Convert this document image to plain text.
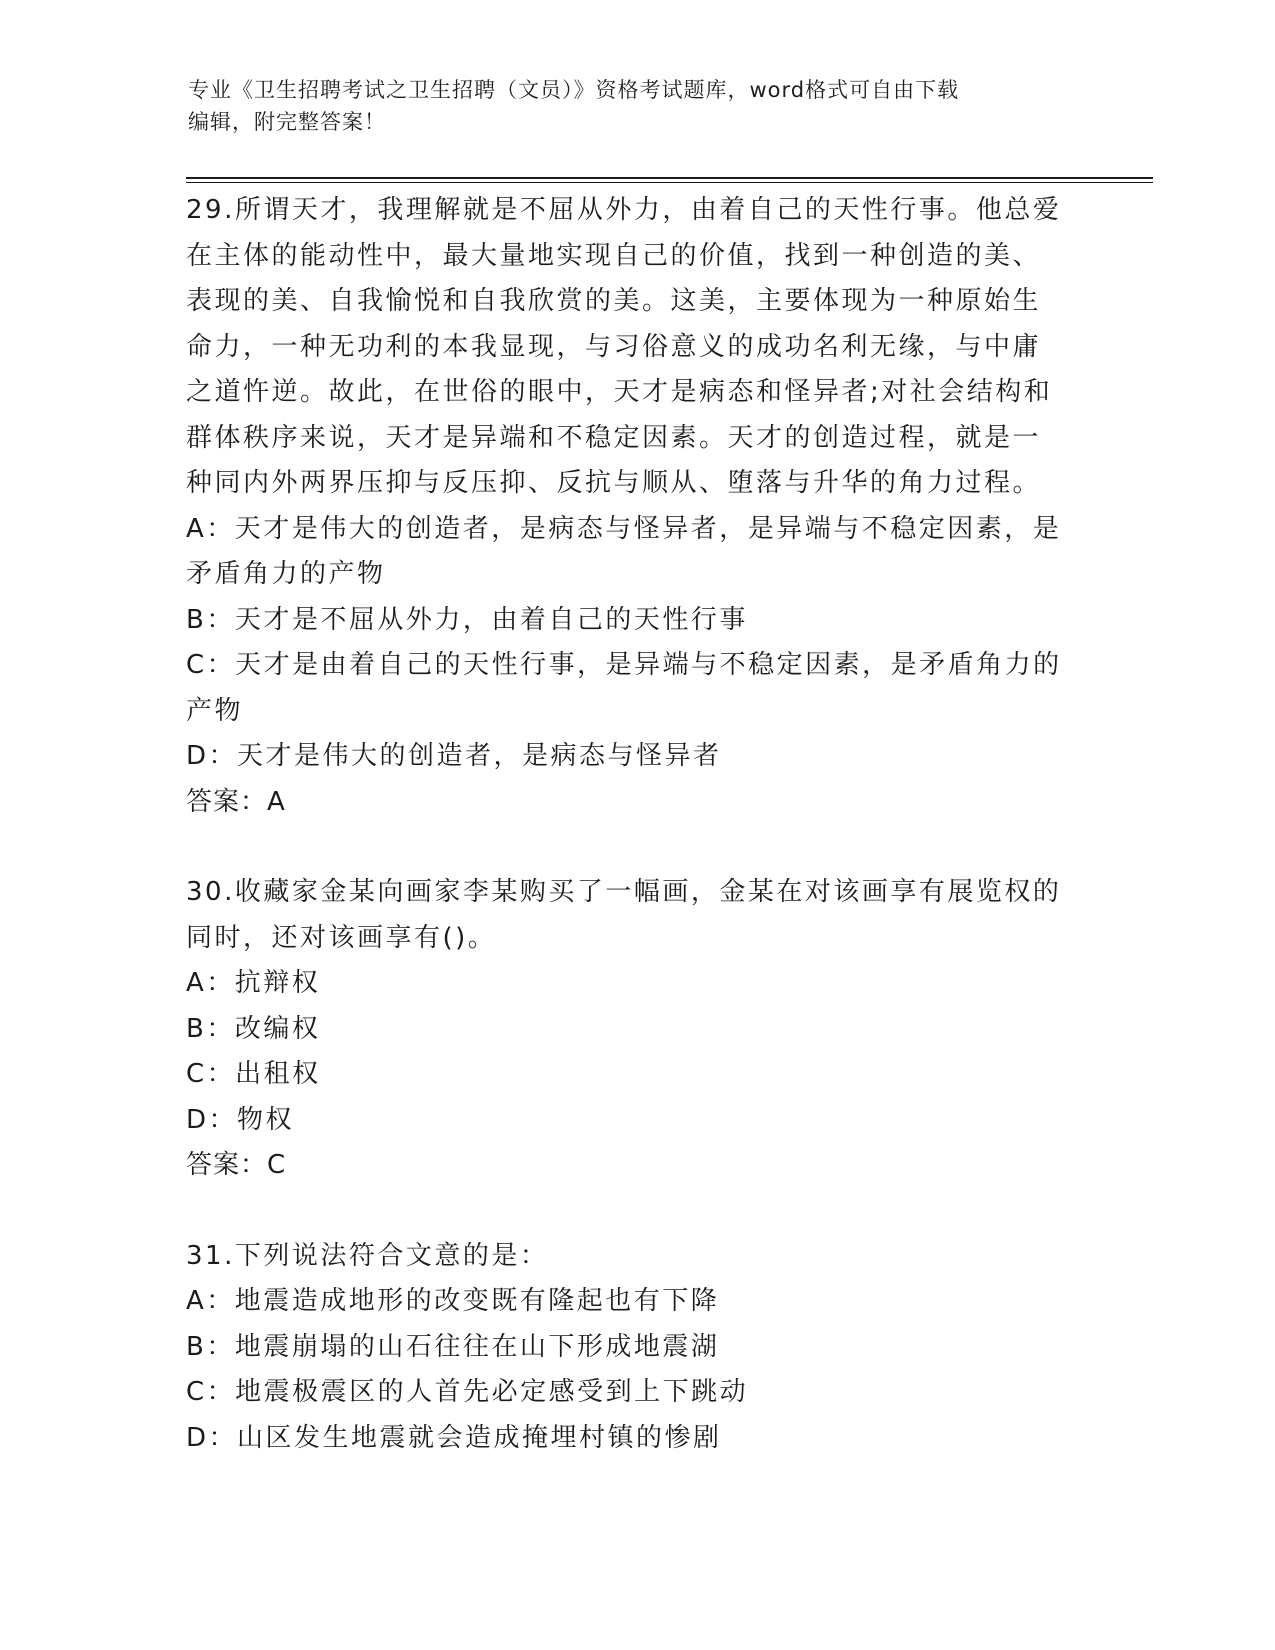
专业《卫生招聘考试之卫生招聘（文员）》资格考试题库，word格式可自由下载

编辑，附完整答案！

29.所谓天才，我理解就是不屈从外力，由着自己的天性行事。他总爱

在主体的能动性中，最大量地实现自己的价值，找到一种创造的美、

表现的美、自我愉悦和自我欣赏的美。这美，主要体现为一种原始生

命力，一种无功利的本我显现，与习俗意义的成功名利无缘，与中庸

之道忤逆。故此，在世俗的眼中，天才是病态和怪异者;对社会结构和

群体秩序来说，天才是异端和不稳定因素。天才的创造过程，就是一

种同内外两界压抑与反压抑、反抗与顺从、堕落与升华的角力过程。

A：天才是伟大的创造者，是病态与怪异者，是异端与不稳定因素，是

矛盾角力的产物

B：天才是不屈从外力，由着自己的天性行事

C：天才是由着自己的天性行事，是异端与不稳定因素，是矛盾角力的

产物

D：天才是伟大的创造者，是病态与怪异者

答案：A

30.收藏家金某向画家李某购买了一幅画，金某在对该画享有展览权的

同时，还对该画享有()。

A：抗辩权

B：改编权

C：出租权

D：物权

答案：C

31.下列说法符合文意的是：

A：地震造成地形的改变既有隆起也有下降

B：地震崩塌的山石往往在山下形成地震湖

C：地震极震区的人首先必定感受到上下跳动

D：山区发生地震就会造成掩埋村镇的惨剧
